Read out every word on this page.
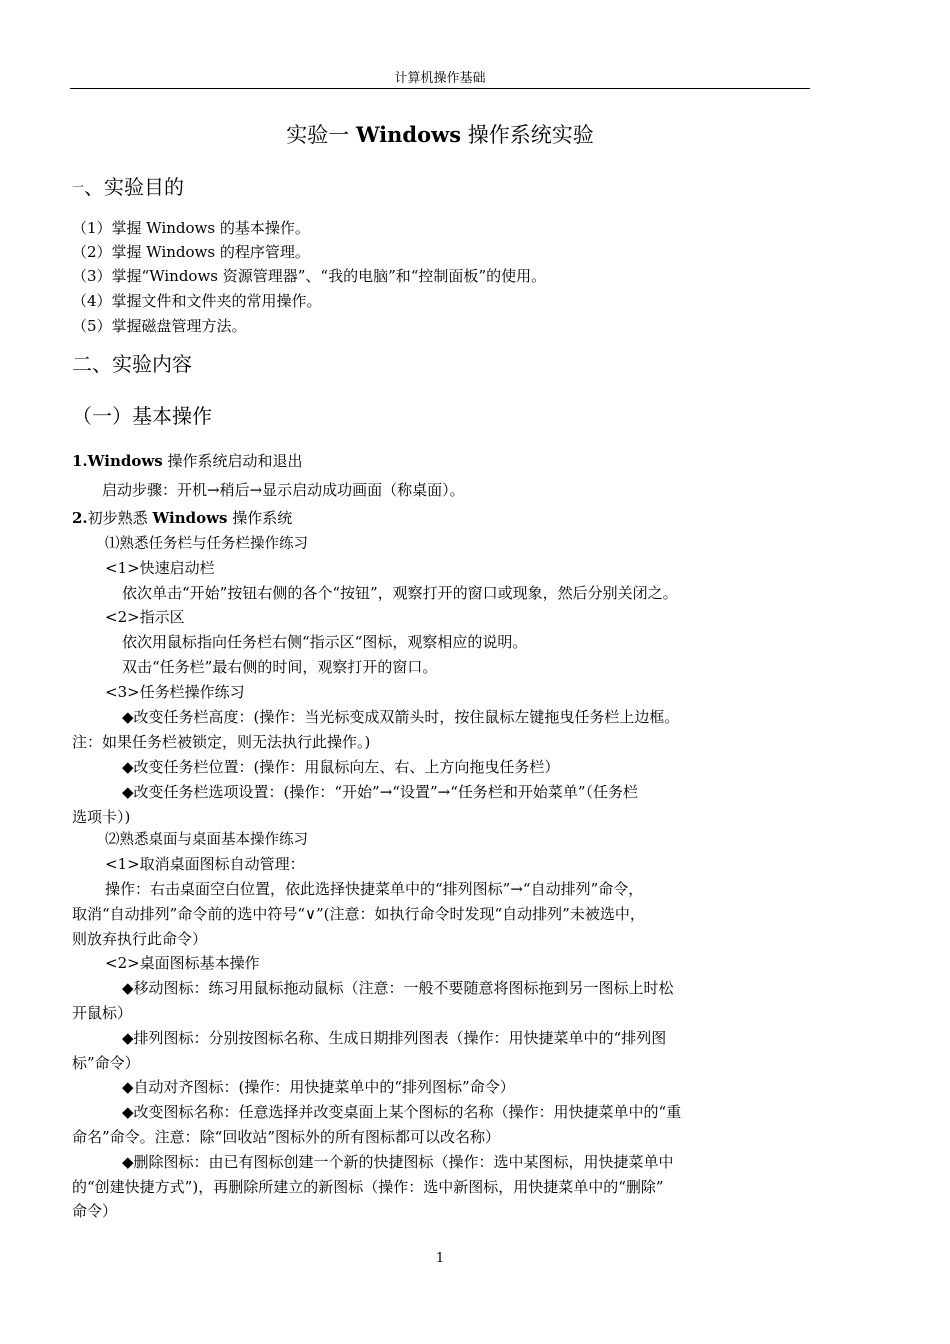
计算机操作基础
实验一 Windows 操作系统实验
一、实验目的
（1）掌握 Windows 的基本操作。
（2）掌握 Windows 的程序管理。
（3）掌握“Windows 资源管理器”、“我的电脑”和“控制面板”的使用。
（4）掌握文件和文件夹的常用操作。
（5）掌握磁盘管理方法。
二、实验内容
（一）基本操作
1.Windows 操作系统启动和退出
启动步骤：开机→稍后→显示启动成功画面（称桌面）。
2.初步熟悉 Windows 操作系统
⑴熟悉任务栏与任务栏操作练习
<1>快速启动栏
依次单击“开始”按钮右侧的各个“按钮”，观察打开的窗口或现象，然后分别关闭之。
<2>指示区
依次用鼠标指向任务栏右侧“指示区“图标，观察相应的说明。
双击“任务栏”最右侧的时间，观察打开的窗口。
<3>任务栏操作练习
◆改变任务栏高度：(操作：当光标变成双箭头时，按住鼠标左键拖曳任务栏上边框。
注：如果任务栏被锁定，则无法执行此操作。)
◆改变任务栏位置：(操作：用鼠标向左、右、上方向拖曳任务栏）
◆改变任务栏选项设置：(操作：“开始”→“设置”→“任务栏和开始菜单”（任务栏
选项卡）)
⑵熟悉桌面与桌面基本操作练习
<1>取消桌面图标自动管理：
操作：右击桌面空白位置，依此选择快捷菜单中的“排列图标”→“自动排列”命令，
取消“自动排列”命令前的选中符号“∨”(注意：如执行命令时发现“自动排列”未被选中，
则放弃执行此命令）
<2>桌面图标基本操作
◆移动图标：练习用鼠标拖动鼠标（注意：一般不要随意将图标拖到另一图标上时松
开鼠标）
◆排列图标：分别按图标名称、生成日期排列图表（操作：用快捷菜单中的“排列图
标”命令）
◆自动对齐图标：(操作：用快捷菜单中的“排列图标”命令）
◆改变图标名称：任意选择并改变桌面上某个图标的名称（操作：用快捷菜单中的“重
命名”命令。注意：除“回收站”图标外的所有图标都可以改名称）
◆删除图标：由已有图标创建一个新的快捷图标（操作：选中某图标，用快捷菜单中
的“创建快捷方式”)，再删除所建立的新图标（操作：选中新图标，用快捷菜单中的“删除”
命令）
1
